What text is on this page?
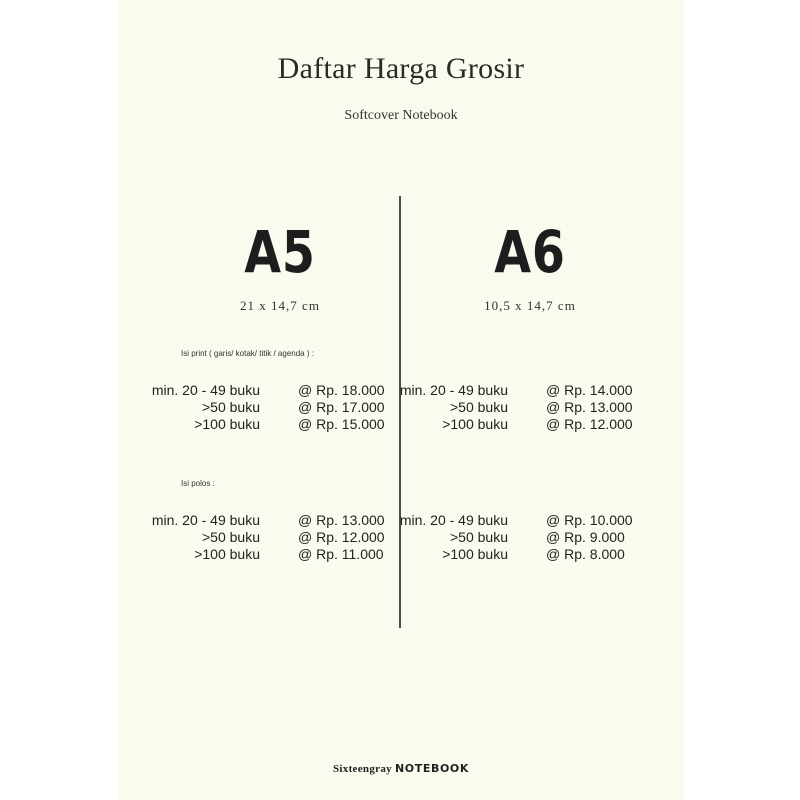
Daftar Harga Grosir
Softcover Notebook
A5
21 x 14,7 cm
Isi print ( garis/ kotak/ titik / agenda ) :
min. 20 - 49 buku	@ Rp. 18.000
>50 buku	@ Rp. 17.000
>100 buku	@ Rp. 15.000
Isi polos :
min. 20 - 49 buku	@ Rp. 13.000
>50 buku	@ Rp. 12.000
>100 buku	@ Rp. 11.000
A6
10,5 x 14,7 cm
min. 20 - 49 buku	@ Rp. 14.000
>50 buku	@ Rp. 13.000
>100 buku	@ Rp. 12.000
min. 20 - 49 buku	@ Rp. 10.000
>50 buku	@ Rp. 9.000
>100 buku	@ Rp. 8.000
Sixteengray NOTEBOOK
